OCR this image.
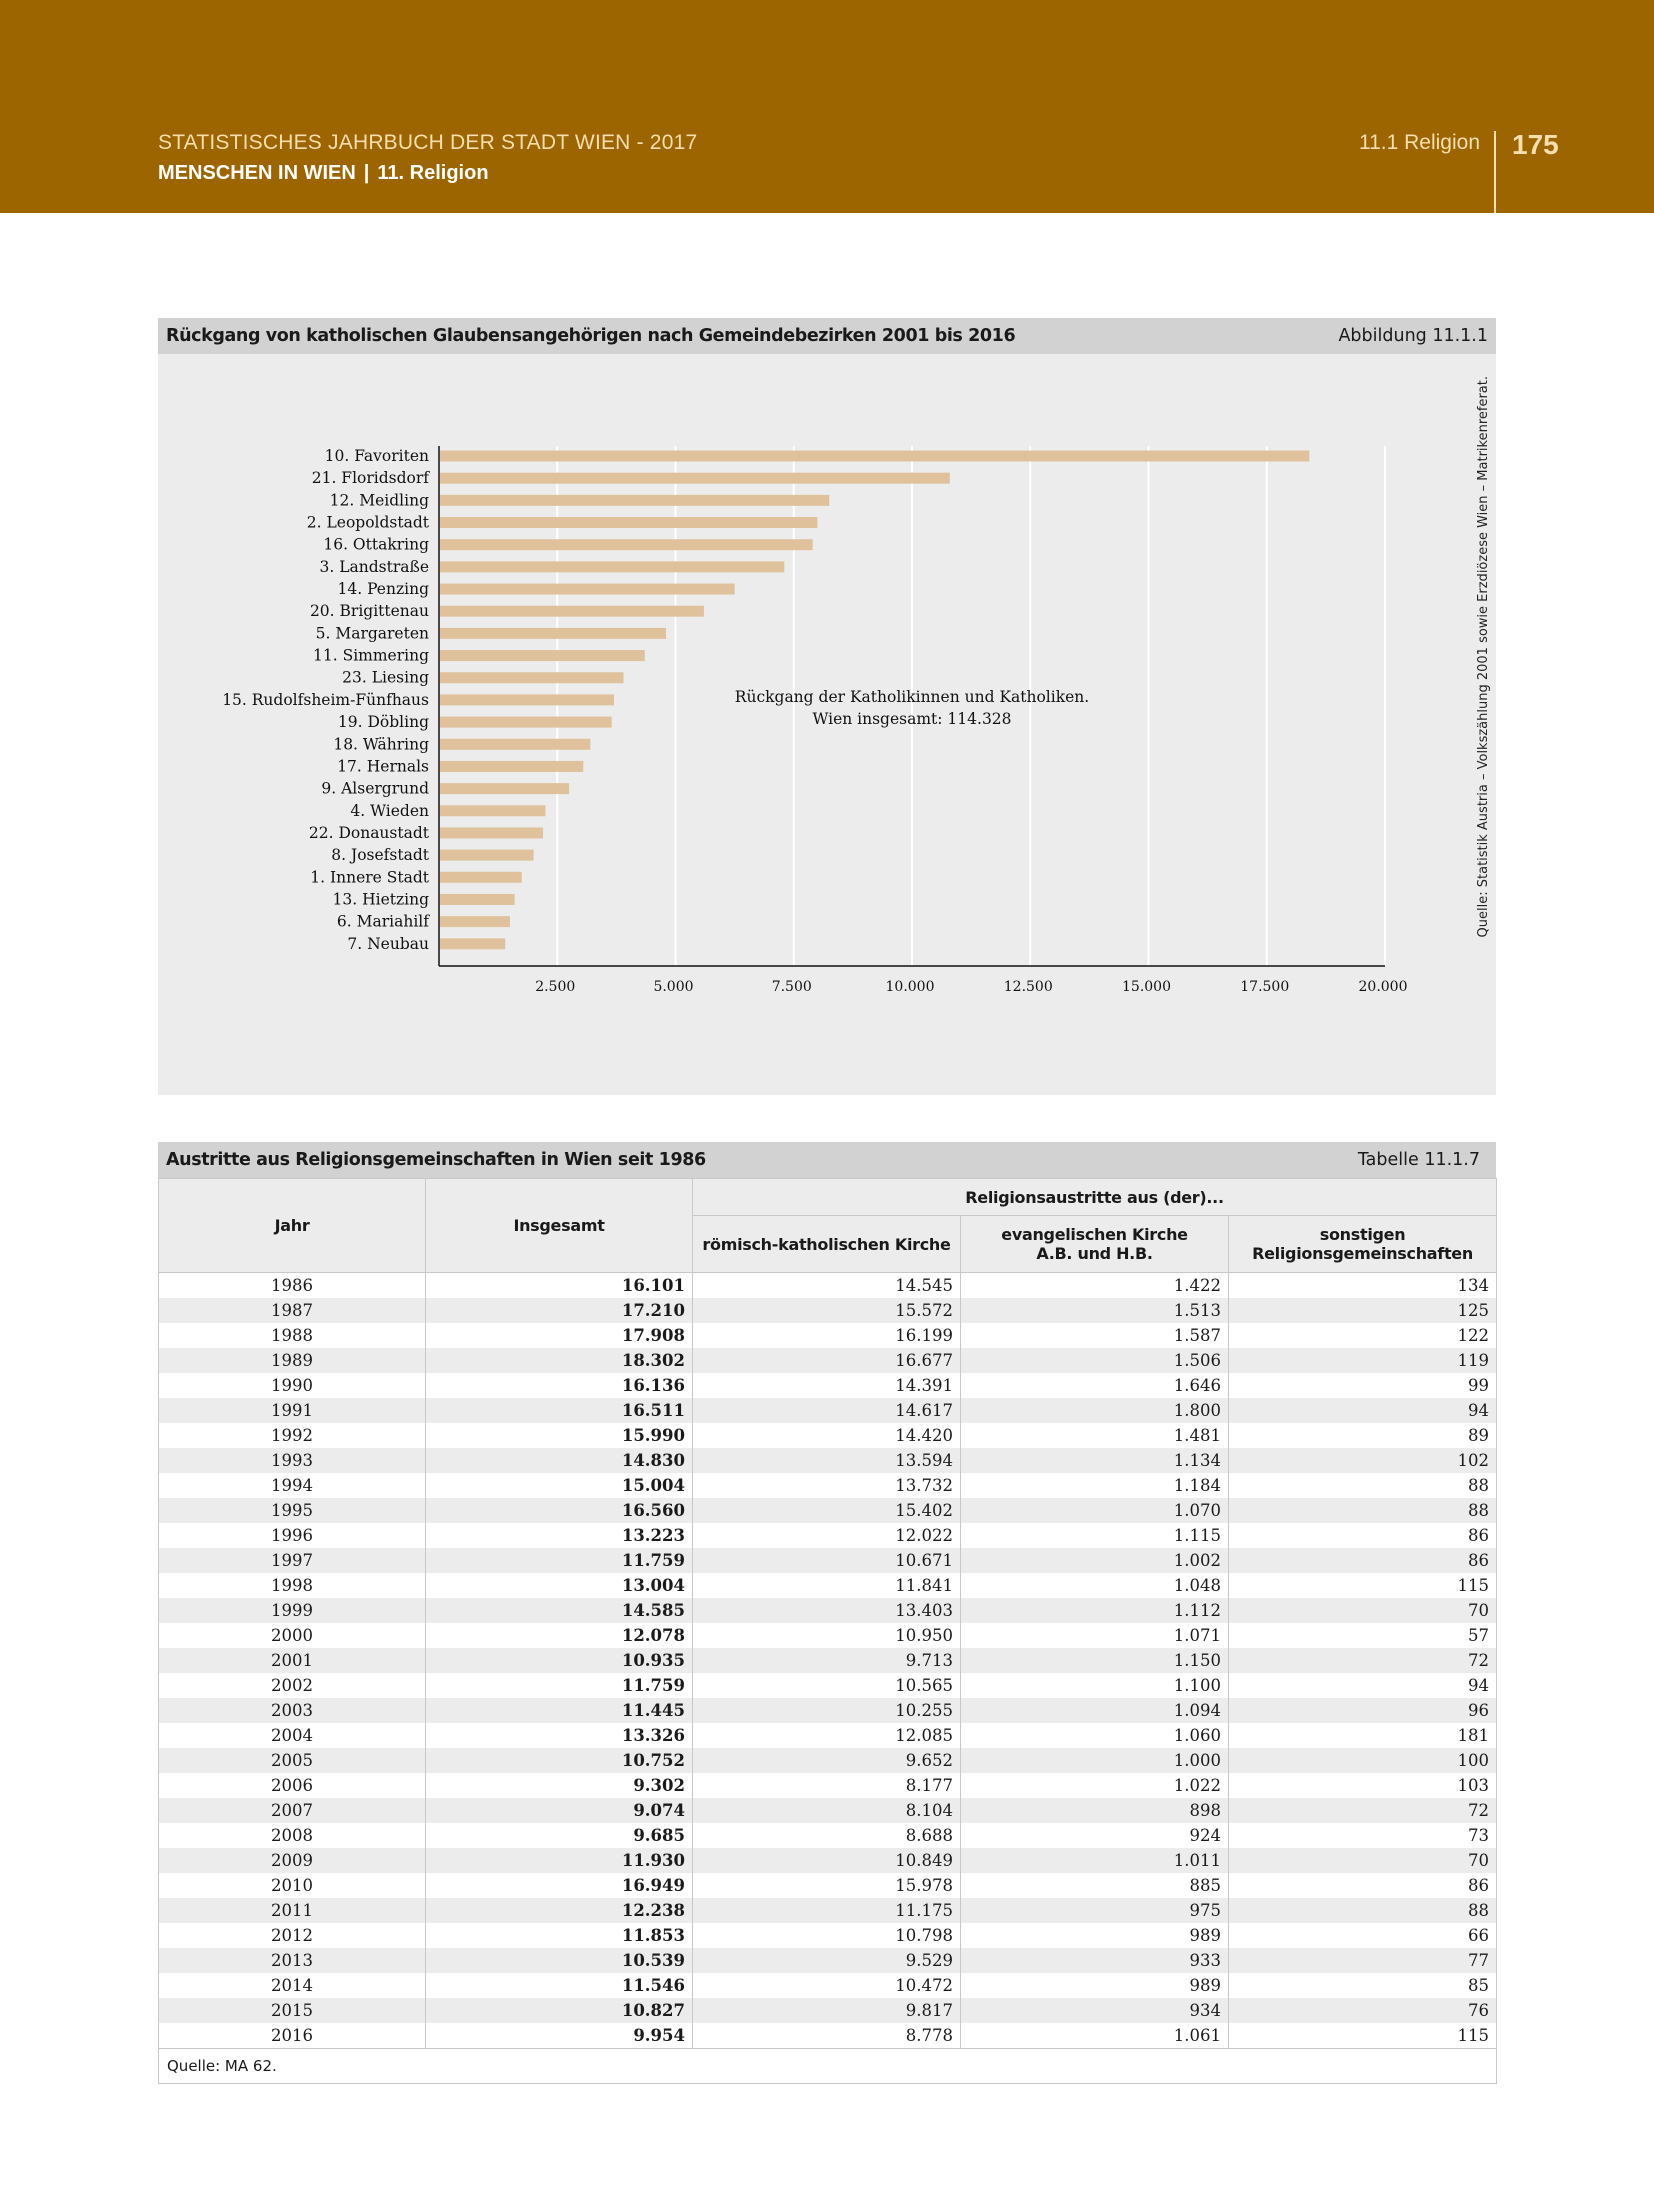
STATISTISCHES JAHRBUCH DER STADT WIEN - 2017
MENSCHEN IN WIEN | 11. Religion
11.1 Religion 175
Rückgang von katholischen Glaubensangehörigen nach Gemeindebezirken 2001 bis 2016	Abbildung 11.1.1
10. Favoriten
21. Floridsdorf
12. Meidling
2. Leopoldstadt
16. Ottakring
3. Landstraße
14. Penzing
20. Brigittenau
5. Margareten
11. Simmering
23. Liesing
15. Rudolfsheim-Fünfhaus
19. Döbling
18. Währing
17. Hernals
9. Alsergrund
4. Wieden
22. Donaustadt
8. Josefstadt
1. Innere Stadt
13. Hietzing
6. Mariahilf
7. Neubau
2.500	5.000	7.500	10.000	12.500	15.000	17.500	20.000
Rückgang der Katholikinnen und Katholiken.
Wien insgesamt: 114.328	Quelle: Statistik Austria – Volkszählung 2001 sowie Erzdiözese Wien – Matrikenreferat.
Austritte aus Religionsgemeinschaften in Wien seit 1986	Tabelle 11.1.7
Jahr	Insgesamt	Religionsaustritte aus (der)...		
		römisch-katholischen Kirche	evangelischen Kirche
A.B. und H.B.	sonstigen
Religionsgemeinschaften
1986	16.101	14.545	1.422	134
1987	17.210	15.572	1.513	125
1988	17.908	16.199	1.587	122
1989	18.302	16.677	1.506	119
1990	16.136	14.391	1.646	99
1991	16.511	14.617	1.800	94
1992	15.990	14.420	1.481	89
1993	14.830	13.594	1.134	102
1994	15.004	13.732	1.184	88
1995	16.560	15.402	1.070	88
1996	13.223	12.022	1.115	86
1997	11.759	10.671	1.002	86
1998	13.004	11.841	1.048	115
1999	14.585	13.403	1.112	70
2000	12.078	10.950	1.071	57
2001	10.935	9.713	1.150	72
2002	11.759	10.565	1.100	94
2003	11.445	10.255	1.094	96
2004	13.326	12.085	1.060	181
2005	10.752	9.652	1.000	100
2006	9.302	8.177	1.022	103
2007	9.074	8.104	898	72
2008	9.685	8.688	924	73
2009	11.930	10.849	1.011	70
2010	16.949	15.978	885	86
2011	12.238	11.175	975	88
2012	11.853	10.798	989	66
2013	10.539	9.529	933	77
2014	11.546	10.472	989	85
2015	10.827	9.817	934	76
2016	9.954	8.778	1.061	115
Quelle: MA 62.				
